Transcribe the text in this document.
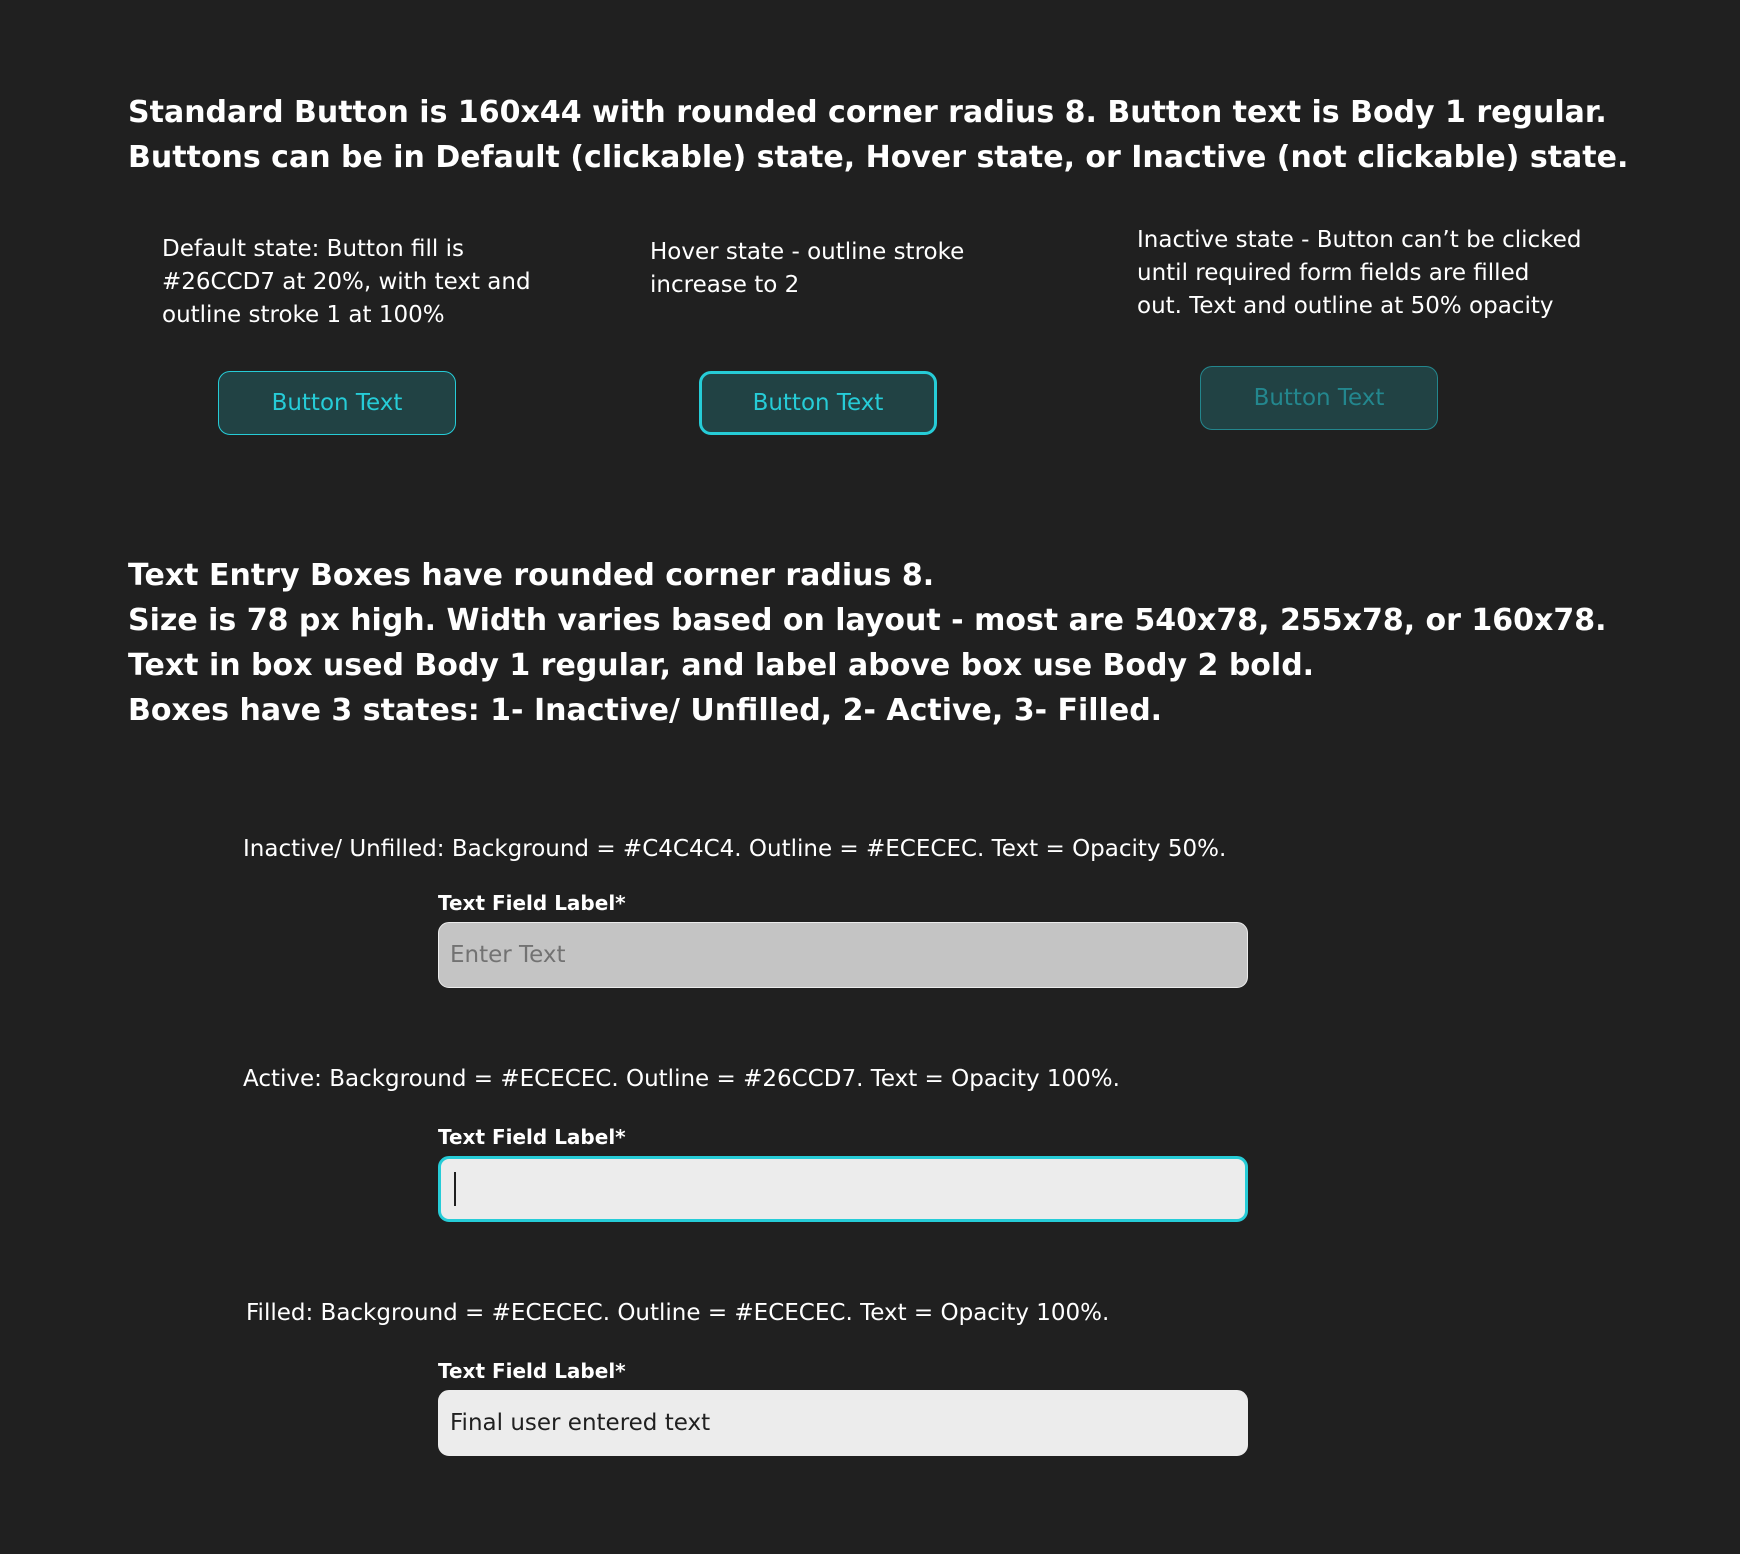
Standard Button is 160x44 with rounded corner radius 8. Button text is Body 1 regular.
Buttons can be in Default (clickable) state, Hover state, or Inactive (not clickable) state.
Default state: Button fill is
#26CCD7 at 20%, with text and
outline stroke 1 at 100%
Hover state - outline stroke
increase to 2
Inactive state - Button can’t be clicked
until required form fields are filled
out. Text and outline at 50% opacity
Button Text	Button Text	Button Text
Text Entry Boxes have rounded corner radius 8.
Size is 78 px high. Width varies based on layout - most are 540x78, 255x78, or 160x78.
Text in box used Body 1 regular, and label above box use Body 2 bold.
Boxes have 3 states: 1- Inactive/ Unfilled, 2- Active, 3- Filled.
Inactive/ Unfilled: Background = #C4C4C4. Outline = #ECECEC. Text = Opacity 50%.
Text Field Label*
Enter Text
Active: Background = #ECECEC. Outline = #26CCD7. Text = Opacity 100%.
Text Field Label*
Filled: Background = #ECECEC. Outline = #ECECEC. Text = Opacity 100%.
Text Field Label*
Final user entered text
